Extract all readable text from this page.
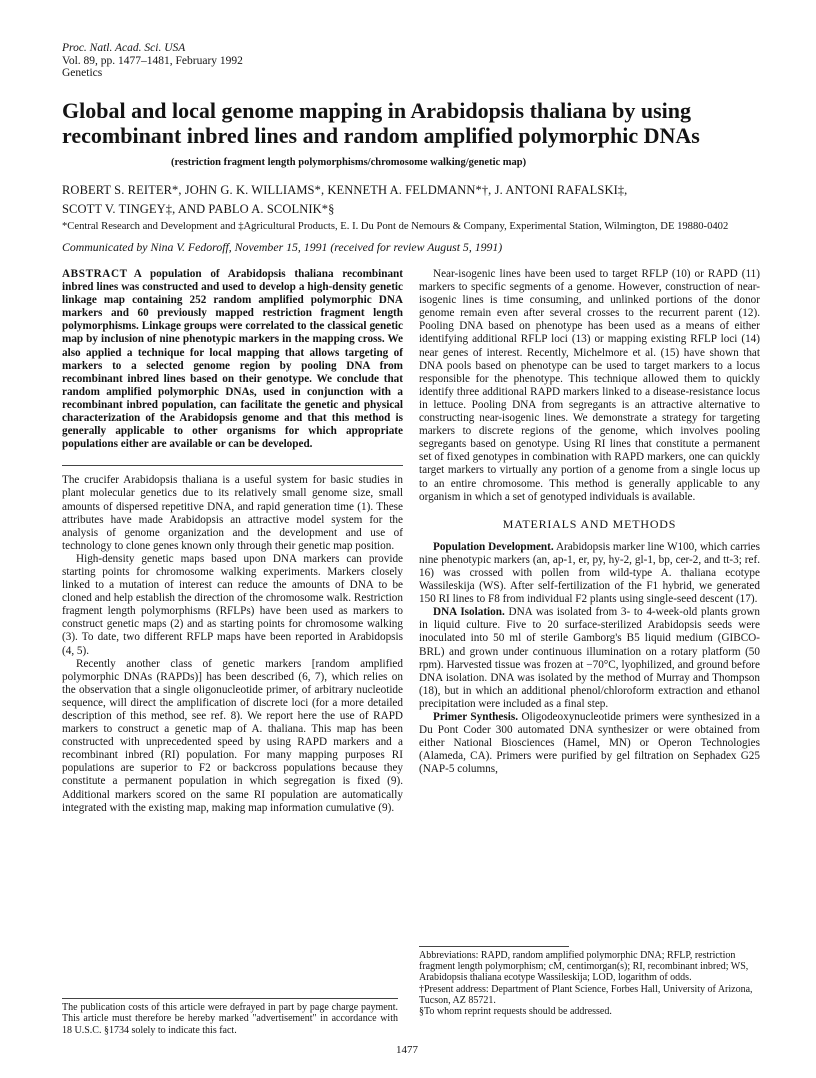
Proc. Natl. Acad. Sci. USA
Vol. 89, pp. 1477–1481, February 1992
Genetics
Global and local genome mapping in Arabidopsis thaliana by using
recombinant inbred lines and random amplified polymorphic DNAs
(restriction fragment length polymorphisms/chromosome walking/genetic map)
ROBERT S. REITER*, JOHN G. K. WILLIAMS*, KENNETH A. FELDMANN*†, J. ANTONI RAFALSKI‡,
SCOTT V. TINGEY‡, AND PABLO A. SCOLNIK*§
*Central Research and Development and ‡Agricultural Products, E. I. Du Pont de Nemours & Company, Experimental Station, Wilmington, DE 19880-0402
Communicated by Nina V. Fedoroff, November 15, 1991 (received for review August 5, 1991)

ABSTRACT A population of Arabidopsis thaliana recombinant inbred lines was constructed and used to develop a high-density genetic linkage map containing 252 random amplified polymorphic DNA markers and 60 previously mapped restriction fragment length polymorphisms. Linkage groups were correlated to the classical genetic map by inclusion of nine phenotypic markers in the mapping cross. We also applied a technique for local mapping that allows targeting of markers to a selected genome region by pooling DNA from recombinant inbred lines based on their genotype. We conclude that random amplified polymorphic DNAs, used in conjunction with a recombinant inbred population, can facilitate the genetic and physical characterization of the Arabidopsis genome and that this method is generally applicable to other organisms for which appropriate populations either are available or can be developed.

The crucifer Arabidopsis thaliana is a useful system for basic studies in plant molecular genetics due to its relatively small genome size, small amounts of dispersed repetitive DNA, and rapid generation time (1). These attributes have made Arabidopsis an attractive model system for the analysis of genome organization and the development and use of technology to clone genes known only through their genetic map position.

High-density genetic maps based upon DNA markers can provide starting points for chromosome walking experiments. Markers closely linked to a mutation of interest can reduce the amounts of DNA to be cloned and help establish the direction of the chromosome walk. Restriction fragment length polymorphisms (RFLPs) have been used as markers to construct genetic maps (2) and as starting points for chromosome walking (3). To date, two different RFLP maps have been reported in Arabidopsis (4, 5).

Recently another class of genetic markers [random amplified polymorphic DNAs (RAPDs)] has been described (6, 7), which relies on the observation that a single oligonucleotide primer, of arbitrary nucleotide sequence, will direct the amplification of discrete loci (for a more detailed description of this method, see ref. 8). We report here the use of RAPD markers to construct a genetic map of A. thaliana. This map has been constructed with unprecedented speed by using RAPD markers and a recombinant inbred (RI) population. For many mapping purposes RI populations are superior to F2 or backcross populations because they constitute a permanent population in which segregation is fixed (9). Additional markers scored on the same RI population are automatically integrated with the existing map, making map information cumulative (9).

Near-isogenic lines have been used to target RFLP (10) or RAPD (11) markers to specific segments of a genome. However, construction of near-isogenic lines is time consuming, and unlinked portions of the donor genome remain even after several crosses to the recurrent parent (12). Pooling DNA based on phenotype has been used as a means of either identifying additional RFLP loci (13) or mapping existing RFLP loci (14) near genes of interest. Recently, Michelmore et al. (15) have shown that DNA pools based on phenotype can be used to target markers to a locus responsible for the phenotype. This technique allowed them to quickly identify three additional RAPD markers linked to a disease-resistance locus in lettuce. Pooling DNA from segregants is an attractive alternative to constructing near-isogenic lines. We demonstrate a strategy for targeting markers to discrete regions of the genome, which involves pooling segregants based on genotype. Using RI lines that constitute a permanent set of fixed genotypes in combination with RAPD markers, one can quickly target markers to virtually any portion of a genome from a single locus up to an entire chromosome. This method is generally applicable to any organism in which a set of genotyped individuals is available.

MATERIALS AND METHODS

Population Development. Arabidopsis marker line W100, which carries nine phenotypic markers (an, ap-1, er, py, hy-2, gl-1, bp, cer-2, and tt-3; ref. 16) was crossed with pollen from wild-type A. thaliana ecotype Wassileskija (WS). After self-fertilization of the F1 hybrid, we generated 150 RI lines to F8 from individual F2 plants using single-seed descent (17).

DNA Isolation. DNA was isolated from 3- to 4-week-old plants grown in liquid culture. Five to 20 surface-sterilized Arabidopsis seeds were inoculated into 50 ml of sterile Gamborg's B5 liquid medium (GIBCO-BRL) and grown under continuous illumination on a rotary platform (50 rpm). Harvested tissue was frozen at −70°C, lyophilized, and ground before DNA isolation. DNA was isolated by the method of Murray and Thompson (18), but in which an additional phenol/chloroform extraction and ethanol precipitation were included as a final step.

Primer Synthesis. Oligodeoxynucleotide primers were synthesized in a Du Pont Coder 300 automated DNA synthesizer or were obtained from either National Biosciences (Hamel, MN) or Operon Technologies (Alameda, CA). Primers were purified by gel filtration on Sephadex G25 (NAP-5 columns,

The publication costs of this article were defrayed in part by page charge payment. This article must therefore be hereby marked "advertisement" in accordance with 18 U.S.C. §1734 solely to indicate this fact.

Abbreviations: RAPD, random amplified polymorphic DNA; RFLP, restriction fragment length polymorphism; cM, centimorgan(s); RI, recombinant inbred; WS, Arabidopsis thaliana ecotype Wassileskija; LOD, logarithm of odds.

†Present address: Department of Plant Science, Forbes Hall, University of Arizona, Tucson, AZ 85721.

§To whom reprint requests should be addressed.

1477
